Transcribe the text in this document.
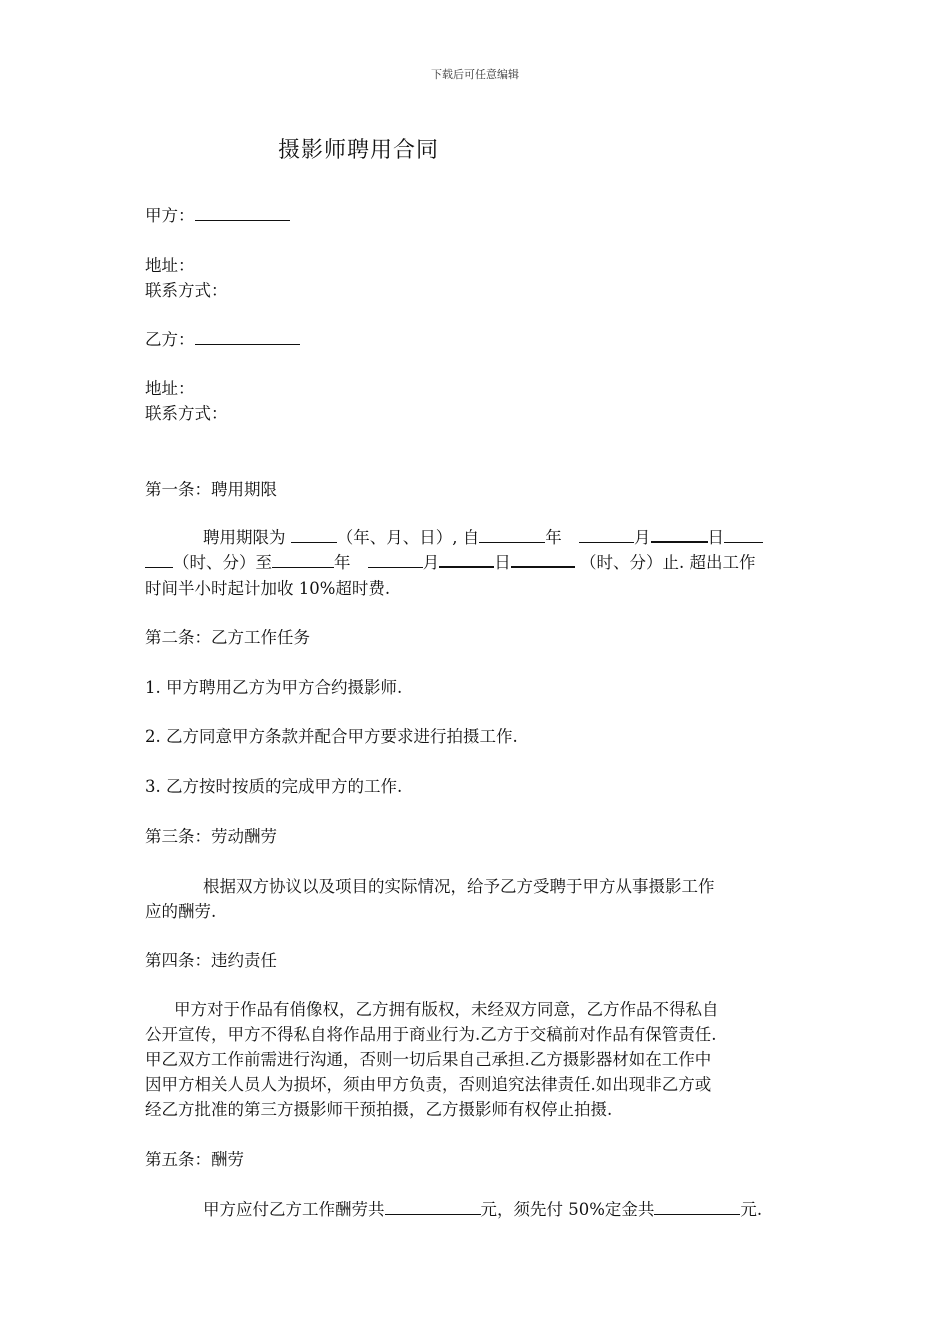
下载后可任意编辑
摄影师聘用合同
甲方：
地址：
联系方式：
乙方：
地址：
联系方式：
第一条：聘用期限
聘用期限为	（年、月、日）, 自	年	月	日
（时、分）至	年	月	日	（时、分）止. 超出工作
时间半小时起计加收 10%超时费.
第二条：乙方工作任务
1. 甲方聘用乙方为甲方合约摄影师.
2. 乙方同意甲方条款并配合甲方要求进行拍摄工作.
3. 乙方按时按质的完成甲方的工作.
第三条：劳动酬劳
根据双方协议以及项目的实际情况，给予乙方受聘于甲方从事摄影工作
应的酬劳.
第四条：违约责任
甲方对于作品有俏像权，乙方拥有版权，未经双方同意，乙方作品不得私自
公开宣传，甲方不得私自将作品用于商业行为.乙方于交稿前对作品有保管责任.
甲乙双方工作前需进行沟通，否则一切后果自己承担.乙方摄影器材如在工作中
因甲方相关人员人为损坏，须由甲方负责，否则追究法律责任.如出现非乙方或
经乙方批准的第三方摄影师干预拍摄，乙方摄影师有权停止拍摄.
第五条：酬劳
甲方应付乙方工作酬劳共	元，须先付 50%定金共	元.
